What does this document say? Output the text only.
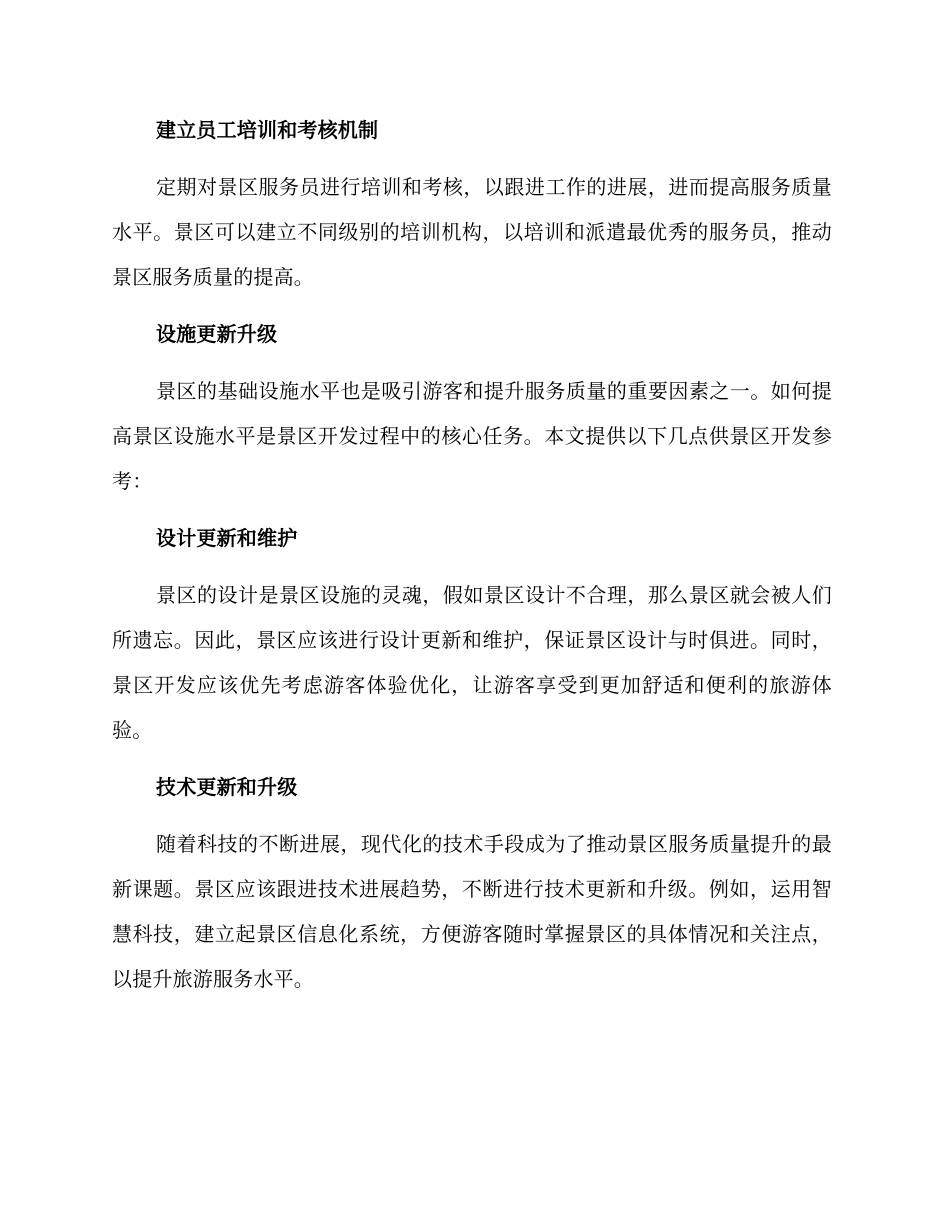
建立员工培训和考核机制

定期对景区服务员进行培训和考核，以跟进工作的进展，进而提高服务质量水平。景区可以建立不同级别的培训机构，以培训和派遣最优秀的服务员，推动景区服务质量的提高。

设施更新升级

景区的基础设施水平也是吸引游客和提升服务质量的重要因素之一。如何提高景区设施水平是景区开发过程中的核心任务。本文提供以下几点供景区开发参考：

设计更新和维护

景区的设计是景区设施的灵魂，假如景区设计不合理，那么景区就会被人们所遗忘。因此，景区应该进行设计更新和维护，保证景区设计与时俱进。同时，景区开发应该优先考虑游客体验优化，让游客享受到更加舒适和便利的旅游体验。

技术更新和升级

随着科技的不断进展，现代化的技术手段成为了推动景区服务质量提升的最新课题。景区应该跟进技术进展趋势，不断进行技术更新和升级。例如，运用智慧科技，建立起景区信息化系统，方便游客随时掌握景区的具体情况和关注点，以提升旅游服务水平。
